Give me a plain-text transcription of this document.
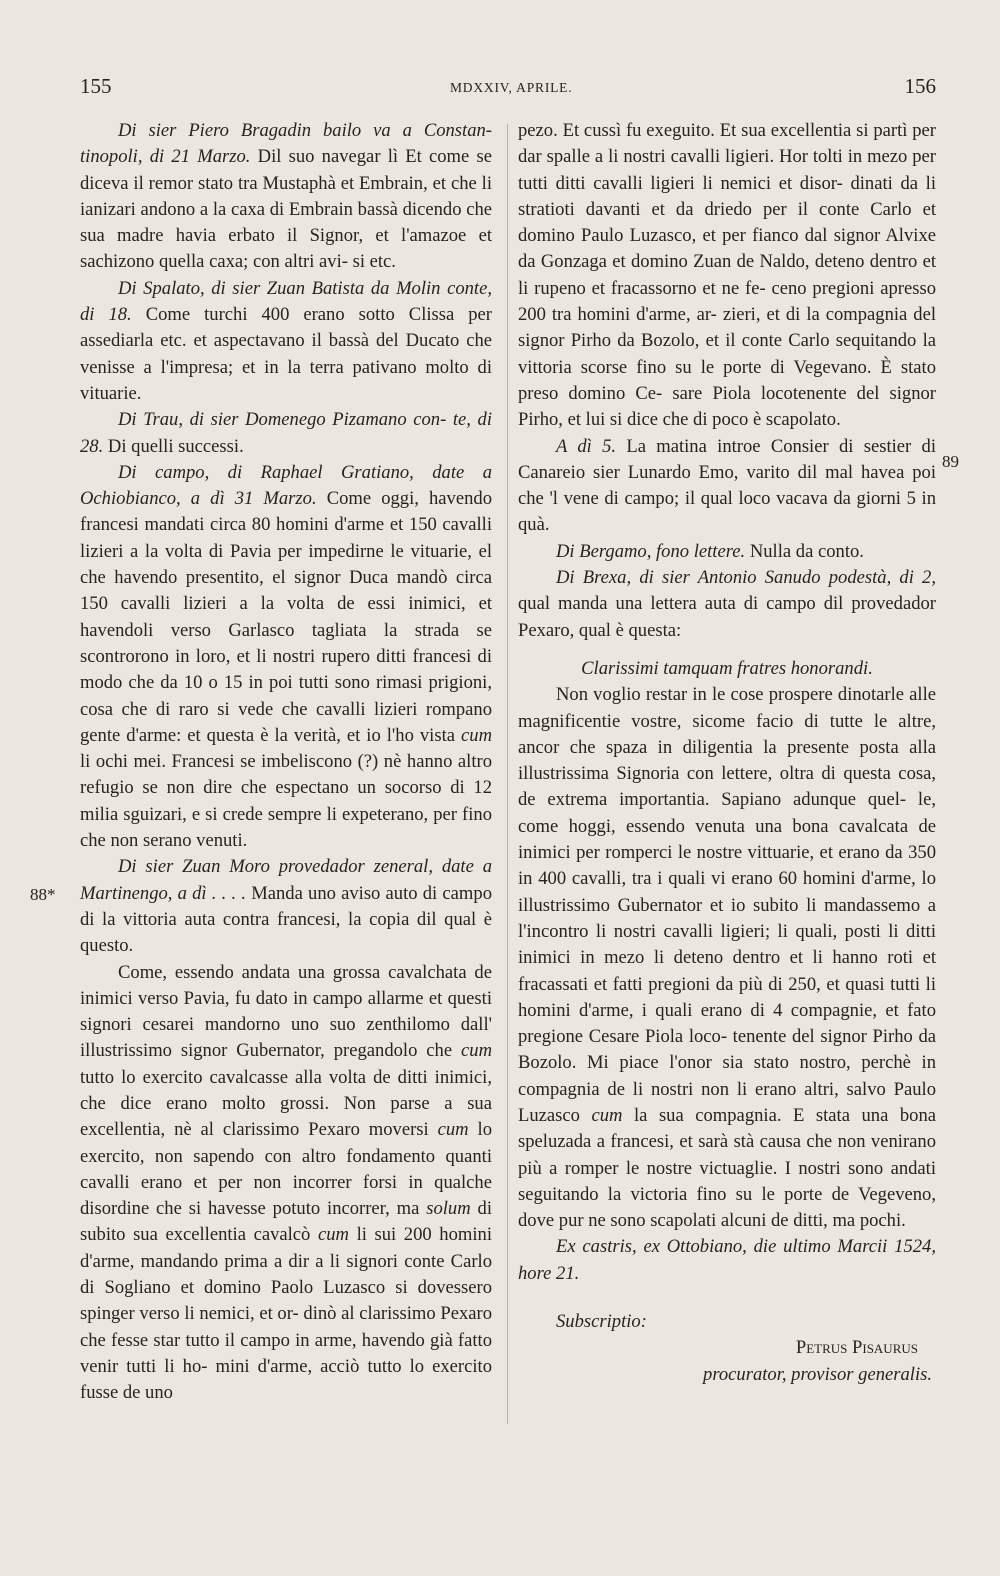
155	MDXXIV, APRILE.	156
88*
89

Di sier Piero Bragadin bailo va a Constan- tinopoli, di 21 Marzo. Dil suo navegar lì Et come se diceva il remor stato tra Mustaphà et Embrain, et che li ianizari andono a la caxa di Embrain bassà dicendo che sua madre havia erbato il Signor, et l'amazoe et sachizono quella caxa; con altri avi- si etc.

Di Spalato, di sier Zuan Batista da Molin conte, di 18. Come turchi 400 erano sotto Clissa per assediarla etc. et aspectavano il bassà del Ducato che venisse a l'impresa; et in la terra pativano molto di vituarie.

Di Trau, di sier Domenego Pizamano con- te, di 28. Di quelli successi.

Di campo, di Raphael Gratiano, date a Ochiobianco, a dì 31 Marzo. Come oggi, havendo francesi mandati circa 80 homini d'arme et 150 cavalli lizieri a la volta di Pavia per impedirne le vituarie, el che havendo presentito, el signor Duca mandò circa 150 cavalli lizieri a la volta de essi inimici, et havendoli verso Garlasco tagliata la strada se scontrorono in loro, et li nostri rupero ditti francesi di modo che da 10 o 15 in poi tutti sono rimasi prigioni, cosa che di raro si vede che cavalli lizieri rompano gente d'arme: et questa è la verità, et io l'ho vista cum li ochi mei. Francesi se imbeliscono (?) nè hanno altro refugio se non dire che espectano un socorso di 12 milia sguizari, e si crede sempre li expeterano, per fino che non serano venuti.

Di sier Zuan Moro provedador zeneral, date a Martinengo, a dì . . . . Manda uno aviso auto di campo di la vittoria auta contra francesi, la copia dil qual è questo.

Come, essendo andata una grossa cavalchata de inimici verso Pavia, fu dato in campo allarme et questi signori cesarei mandorno uno suo zenthilomo dall' illustrissimo signor Gubernator, pregandolo che cum tutto lo exercito cavalcasse alla volta de ditti inimici, che dice erano molto grossi. Non parse a sua excellentia, nè al clarissimo Pexaro moversi cum lo exercito, non sapendo con altro fondamento quanti cavalli erano et per non incorrer forsi in qualche disordine che si havesse potuto incorrer, ma solum di subito sua excellentia cavalcò cum li sui 200 homini d'arme, mandando prima a dir a li signori conte Carlo di Sogliano et domino Paolo Luzasco si dovessero spinger verso li nemici, et or- dinò al clarissimo Pexaro che fesse star tutto il campo in arme, havendo già fatto venir tutti li ho- mini d'arme, acciò tutto lo exercito fusse de uno

pezo. Et cussì fu exeguito. Et sua excellentia si partì per dar spalle a li nostri cavalli ligieri. Hor tolti in mezo per tutti ditti cavalli ligieri li nemici et disor- dinati da li stratioti davanti et da driedo per il conte Carlo et domino Paulo Luzasco, et per fianco dal signor Alvixe da Gonzaga et domino Zuan de Naldo, deteno dentro et li rupeno et fracassorno et ne fe- ceno pregioni apresso 200 tra homini d'arme, ar- zieri, et di la compagnia del signor Pirho da Bozolo, et il conte Carlo sequitando la vittoria scorse fino su le porte di Vegevano. È stato preso domino Ce- sare Piola locotenente del signor Pirho, et lui si dice che di poco è scapolato.

A dì 5. La matina introe Consier di sestier di Canareio sier Lunardo Emo, varito dil mal havea poi che 'l vene di campo; il qual loco vacava da giorni 5 in quà.

Di Bergamo, fono lettere. Nulla da conto.

Di Brexa, di sier Antonio Sanudo podestà, di 2, qual manda una lettera auta di campo dil provedador Pexaro, qual è questa:

Clarissimi tamquam fratres honorandi.

Non voglio restar in le cose prospere dinotarle alle magnificentie vostre, sicome facio di tutte le altre, ancor che spaza in diligentia la presente posta alla illustrissima Signoria con lettere, oltra di questa cosa, de extrema importantia. Sapiano adunque quel- le, come hoggi, essendo venuta una bona cavalcata de inimici per romperci le nostre vittuarie, et erano da 350 in 400 cavalli, tra i quali vi erano 60 homini d'arme, lo illustrissimo Gubernator et io subito li mandassemo a l'incontro li nostri cavalli ligieri; li quali, posti li ditti inimici in mezo li deteno dentro et li hanno roti et fracassati et fatti pregioni da più di 250, et quasi tutti li homini d'arme, i quali erano di 4 compagnie, et fato pregione Cesare Piola loco- tenente del signor Pirho da Bozolo. Mi piace l'onor sia stato nostro, perchè in compagnia de li nostri non li erano altri, salvo Paulo Luzasco cum la sua compagnia. E stata una bona speluzada a francesi, et sarà stà causa che non venirano più a romper le nostre victuaglie. I nostri sono andati seguitando la victoria fino su le porte de Vegeveno, dove pur ne sono scapolati alcuni de ditti, ma pochi.

Ex castris, ex Ottobiano, die ultimo Marcii 1524, hore 21.

Subscriptio:

Petrus Pisaurus

procurator, provisor generalis.
